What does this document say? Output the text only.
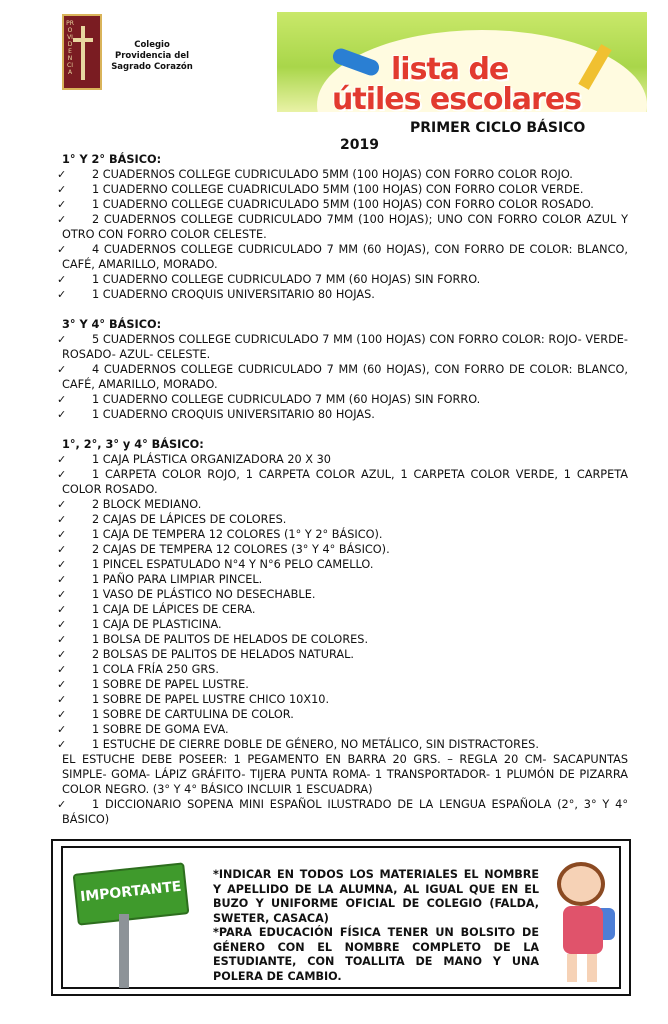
PROVIDENCIA
Colegio Providencia del Sagrado Corazón	lista de
útiles escolares
PRIMER CICLO BÁSICO
2019

1° Y 2° BÁSICO:

✓ 2 CUADERNOS COLLEGE CUDRICULADO 5MM (100 HOJAS) CON FORRO COLOR ROJO.
✓ 1 CUADERNO COLLEGE CUADRICULADO 5MM (100 HOJAS) CON FORRO COLOR VERDE.
✓ 1 CUADERNO COLLEGE CUADRICULADO 5MM (100 HOJAS) CON FORRO COLOR ROSADO.
✓ 2 CUADERNOS COLLEGE CUDRICULADO 7MM (100 HOJAS); UNO CON FORRO COLOR AZUL Y OTRO CON FORRO COLOR CELESTE.
✓ 4 CUADERNOS COLLEGE CUDRICULADO 7 MM (60 HOJAS), CON FORRO DE COLOR: BLANCO, CAFÉ, AMARILLO, MORADO.
✓ 1 CUADERNO COLLEGE CUDRICULADO 7 MM (60 HOJAS) SIN FORRO.
✓ 1 CUADERNO CROQUIS UNIVERSITARIO 80 HOJAS.

3° Y 4° BÁSICO:

✓ 5 CUADERNOS COLLEGE CUDRICULADO 7 MM (100 HOJAS) CON FORRO COLOR: ROJO- VERDE- ROSADO- AZUL- CELESTE.
✓ 4 CUADERNOS COLLEGE CUDRICULADO 7 MM (60 HOJAS), CON FORRO DE COLOR: BLANCO, CAFÉ, AMARILLO, MORADO.
✓ 1 CUADERNO COLLEGE CUDRICULADO 7 MM (60 HOJAS) SIN FORRO.
✓ 1 CUADERNO CROQUIS UNIVERSITARIO 80 HOJAS.

1°, 2°, 3° y 4° BÁSICO:

✓ 1 CAJA PLÁSTICA ORGANIZADORA 20 X 30
✓ 1 CARPETA COLOR ROJO, 1 CARPETA COLOR AZUL, 1 CARPETA COLOR VERDE, 1 CARPETA COLOR ROSADO.
✓ 2 BLOCK MEDIANO.
✓ 2 CAJAS DE LÁPICES DE COLORES.
✓ 1 CAJA DE TEMPERA 12 COLORES (1° Y 2° BÁSICO).
✓ 2 CAJAS DE TEMPERA 12 COLORES (3° Y 4° BÁSICO).
✓ 1 PINCEL ESPATULADO N°4 Y N°6 PELO CAMELLO.
✓ 1 PAÑO PARA LIMPIAR PINCEL.
✓ 1 VASO DE PLÁSTICO NO DESECHABLE.
✓ 1 CAJA DE LÁPICES DE CERA.
✓ 1 CAJA DE PLASTICINA.
✓ 1 BOLSA DE PALITOS DE HELADOS DE COLORES.
✓ 2 BOLSAS DE PALITOS DE HELADOS NATURAL.
✓ 1 COLA FRÍA 250 GRS.
✓ 1 SOBRE DE PAPEL LUSTRE.
✓ 1 SOBRE DE PAPEL LUSTRE CHICO 10X10.
✓ 1 SOBRE DE CARTULINA DE COLOR.
✓ 1 SOBRE DE GOMA EVA.
✓ 1 ESTUCHE DE CIERRE DOBLE DE GÉNERO, NO METÁLICO, SIN DISTRACTORES.
EL ESTUCHE DEBE POSEER: 1 PEGAMENTO EN BARRA 20 GRS. – REGLA 20 CM- SACAPUNTAS SIMPLE- GOMA- LÁPIZ GRÁFITO- TIJERA PUNTA ROMA- 1 TRANSPORTADOR- 1 PLUMÓN DE PIZARRA COLOR NEGRO. (3° Y 4° BÁSICO INCLUIR 1 ESCUADRA)
✓ 1 DICCIONARIO SOPENA MINI ESPAÑOL ILUSTRADO DE LA LENGUA ESPAÑOLA (2°, 3° Y 4° BÁSICO)
IMPORTANTE
*INDICAR EN TODOS LOS MATERIALES EL NOMBRE Y APELLIDO DE LA ALUMNA, AL IGUAL QUE EN EL BUZO Y UNIFORME OFICIAL DE COLEGIO (FALDA, SWETER, CASACA)
*PARA EDUCACIÓN FÍSICA TENER UN BOLSITO DE GÉNERO CON EL NOMBRE COMPLETO DE LA ESTUDIANTE, CON TOALLITA DE MANO Y UNA POLERA DE CAMBIO.
